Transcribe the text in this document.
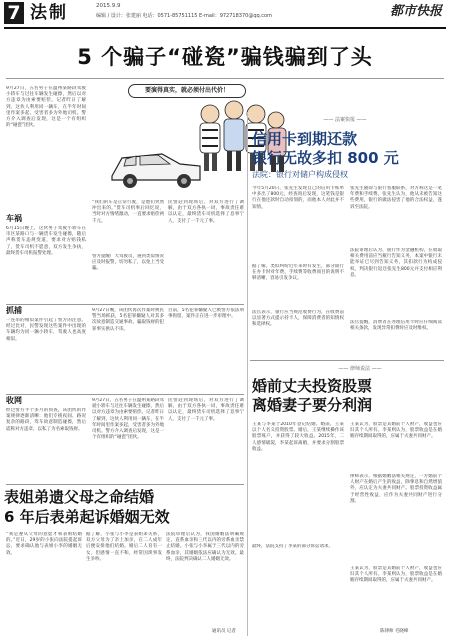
7 法制	2015.9.9
编辑 / 设计：张建丽 电话：0571-85751115 E-mail：972718370@qq.com	都市快报
5 个骗子“碰瓷”骗钱骗到了头
要演得真实，就必须付出代价！
9月27日，五名男子在温州某路段驾驶小轿车与过往车辆发生碰擦，然后以对方违章为由索要赔偿。记者昨日了解到，这伙人利用同一辆车，在半年时间里作案多起，受害者多为外地司机。警方介入调查后发现，这是一个有组织的“碰瓷”团伙。
车祸
6月15日晚上，这伙男子驾驶小轿车在市区某路口与一辆货车发生碰擦，随后声称货车违规变道，要求对方赔钱私了，货车司机不愿意，双方发生争执，最终货车司机报警处理。
“我们的车是正常行驶，是他们突然冲出来的。”货车司机事后回忆说，当时对方情绪激动，一直要求赔偿两千元。
民警赶到现场后，对双方进行了调解，由于双方各执一词，事故责任难以认定，最终货车司机选择了息事宁人，支付了一千元了事。
警方提醒广大驾驶员，遇到类似情况应及时报警，切勿私了，以免上当受骗。
抓捕
一连串的相似案件引起了警方的注意。经过比对，民警发现这些案件中出现的车辆均为同一辆小轿车，驾驶人也高度相似。
9月27日晚，该团伙再次作案时被民警当场抓获，5名犯罪嫌疑人对其多次故意制造交通事故、骗取钱财的犯罪事实供认不讳。
目前，5名犯罪嫌疑人已被警方依法刑事拘留，案件正在进一步审理中。
收网
经过警方半个多月的侦查，该团伙的作案规律逐渐清晰：他们专挑夜间、路况复杂的路段，驾车故意制造碰擦，然后谎称对方违章，以私了为名索取钱财。
9月27日，五名男子在温州某路段驾驶小轿车与过往车辆发生碰擦，然后以对方违章为由索要赔偿。记者昨日了解到，这伙人利用同一辆车，在半年时间里作案多起，受害者多为外地司机。警方介入调查后发现，这是一个有组织的“碰瓷”团伙。
民警赶到现场后，对双方进行了调解，由于双方各执一词，事故责任难以认定，最终货车司机选择了息事宁人，支付了一千元了事。
—— 法案快报 ——
信用卡到期还款
银行无故多扣 800 元
法院：银行对储户构成侵权
今年5月20日，张先生发现自己的信用卡账单中多出了800元，经查询后发现，这笔钱是银行在他还款时自动扣划的，而他本人对此并不知情。
张先生随即与银行客服联系，对方称这是一笔年费和手续费。张先生认为，他从未被告知这些费用，银行的做法侵害了他的合法权益，遂诉至法院。
法院审理后认为，银行作为金融机构，在收取相关费用前应当履行告知义务，本案中银行未能举证已尽到告知义务，其扣款行为构成侵权，判决银行返还张先生800元并支付相应利息。
法官提醒，消费者在办理信用卡时应仔细阅读相关条款，发现异常扣费时应及时维权。
据了解，类似纠纷近年来时有发生，部分银行在办卡时对年费、手续费等收费项目的说明不够清晰，容易引发争议。
法官表示，银行应当规范收费行为，在收费前以显著方式提示持卡人，保障消费者的知情权和选择权。
—— 律师说法 ——
婚前丈夫投资股票
离婚妻子要分利润
王某与李某于2010年登记结婚。婚前，王某以个人名义投资股票。婚后，王某继续操作该股票账户，并获得了较大收益。2015年，二人感情破裂，李某起诉离婚，并要求分割股票收益。
王某认为，股票是其婚前个人财产，收益也应归其个人所有。李某则认为，股票收益是在婚姻存续期间取得的，应属于夫妻共同财产。
律师表示，根据婚姻法相关规定，一方婚前个人财产在婚后产生的收益，除孳息和自然增值外，应认定为夫妻共同财产。股票投资收益属于经营性收益，应作为夫妻共同财产进行分割。
最终，法院支持了李某的部分诉讼请求。
王某认为，股票是其婚前个人财产，收益也应归其个人所有。李某则认为，股票收益是在婚姻存续期间取得的，应属于夫妻共同财产。
陈律师 毛晓峰
表姐弟遗父母之命结婚
6 年后表弟起诉婚姻无效
“我是遵从父母的意愿才和表姐结婚的。”近日，29岁的小张向法院提起诉讼，要求确认他与表姐小李的婚姻无效。
据了解，小张与小李是表姐弟关系，双方父母为了亲上加亲，在二人成年后便安排他们结婚。婚后二人育有一女，但感情一直不和，经常因琐事发生争吵。
法院审理后认为，我国婚姻法明确规定，直系血亲和三代以内的旁系血亲禁止结婚。小张与小李属于三代以内的旁系血亲，其婚姻依法应确认为无效。最终，法院判决确认二人婚姻无效。
通讯员 记者
